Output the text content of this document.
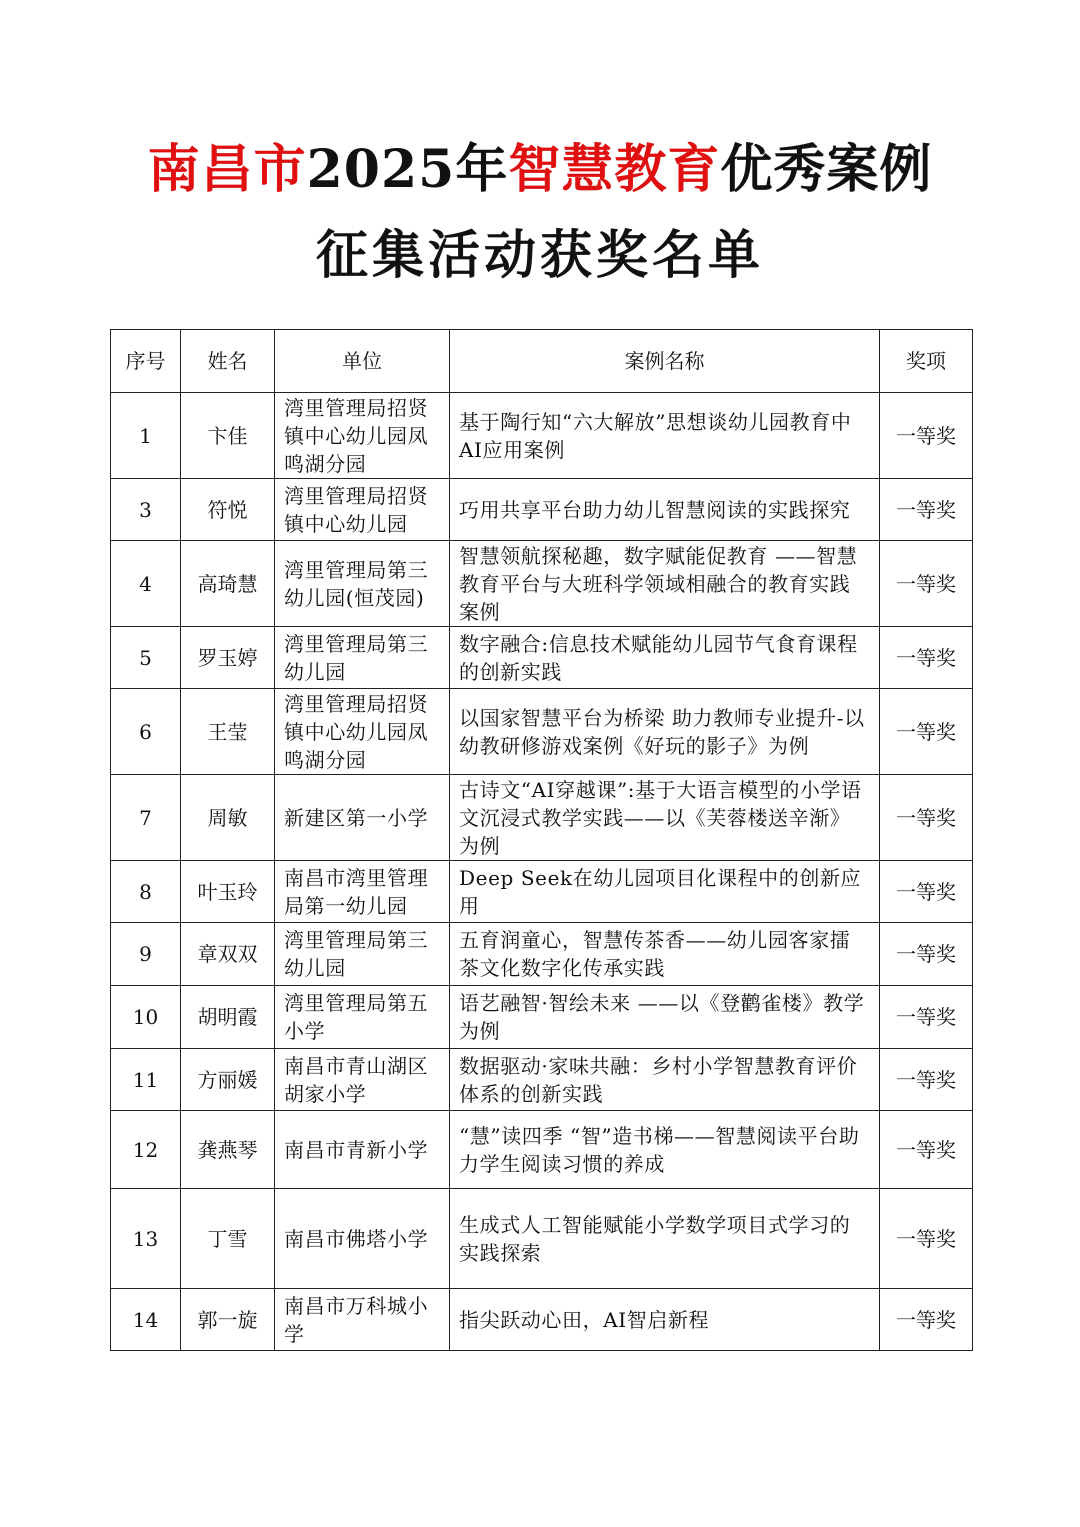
南昌市2025年智慧教育优秀案例
征集活动获奖名单
序号	姓名	单位	案例名称	奖项
1	卞佳	湾里管理局招贤镇中心幼儿园凤鸣湖分园	基于陶行知“六大解放”思想谈幼儿园教育中AI应用案例	一等奖
3	符悦	湾里管理局招贤镇中心幼儿园	巧用共享平台助力幼儿智慧阅读的实践探究	一等奖
4	高琦慧	湾里管理局第三幼儿园(恒茂园)	智慧领航探秘趣，数字赋能促教育 ——智慧教育平台与大班科学领域相融合的教育实践案例	一等奖
5	罗玉婷	湾里管理局第三幼儿园	数字融合:信息技术赋能幼儿园节气食育课程的创新实践	一等奖
6	王莹	湾里管理局招贤镇中心幼儿园凤鸣湖分园	以国家智慧平台为桥梁 助力教师专业提升-以幼教研修游戏案例《好玩的影子》为例	一等奖
7	周敏	新建区第一小学	古诗文“AI穿越课”:基于大语言模型的小学语文沉浸式教学实践——以《芙蓉楼送辛渐》为例	一等奖
8	叶玉玲	南昌市湾里管理局第一幼儿园	Deep Seek在幼儿园项目化课程中的创新应用	一等奖
9	章双双	湾里管理局第三幼儿园	五育润童心，智慧传茶香——幼儿园客家擂茶文化数字化传承实践	一等奖
10	胡明霞	湾里管理局第五小学	语艺融智·智绘未来 ——以《登鹳雀楼》教学为例	一等奖
11	方丽媛	南昌市青山湖区胡家小学	数据驱动·家味共融：乡村小学智慧教育评价体系的创新实践	一等奖
12	龚燕琴	南昌市青新小学	“慧”读四季 “智”造书梯——智慧阅读平台助力学生阅读习惯的养成	一等奖
13	丁雪	南昌市佛塔小学	生成式人工智能赋能小学数学项目式学习的实践探索	一等奖
14	郭一旋	南昌市万科城小学	指尖跃动心田，AI智启新程	一等奖
